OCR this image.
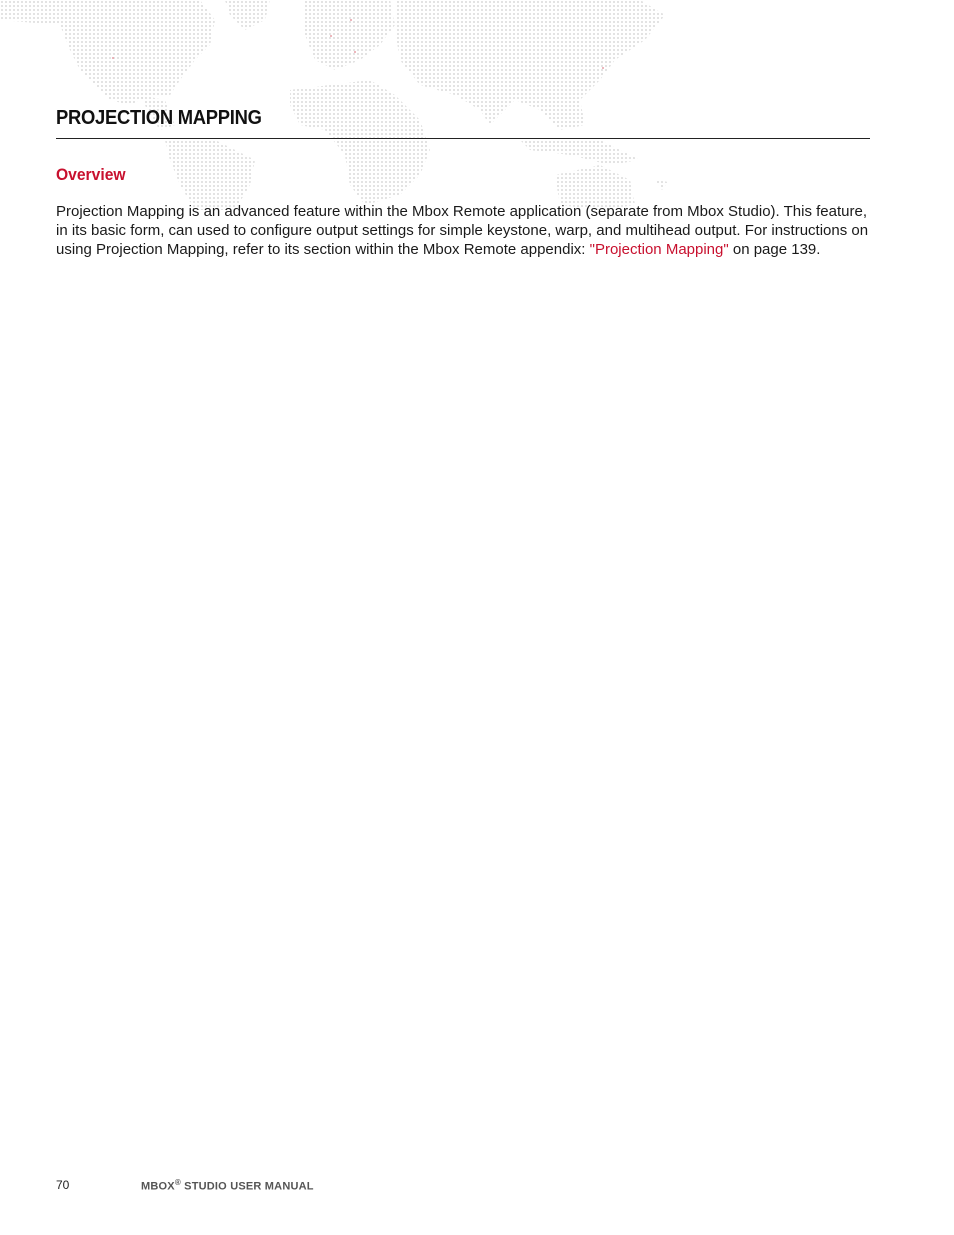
PROJECTION MAPPING
Overview

Projection Mapping is an advanced feature within the Mbox Remote application (separate from Mbox Studio). This feature, in its basic form, can used to configure output settings for simple keystone, warp, and multihead output. For instructions on using Projection Mapping, refer to its section within the Mbox Remote appendix: "Projection Mapping" on page 139.

70	MBOX® STUDIO USER MANUAL
